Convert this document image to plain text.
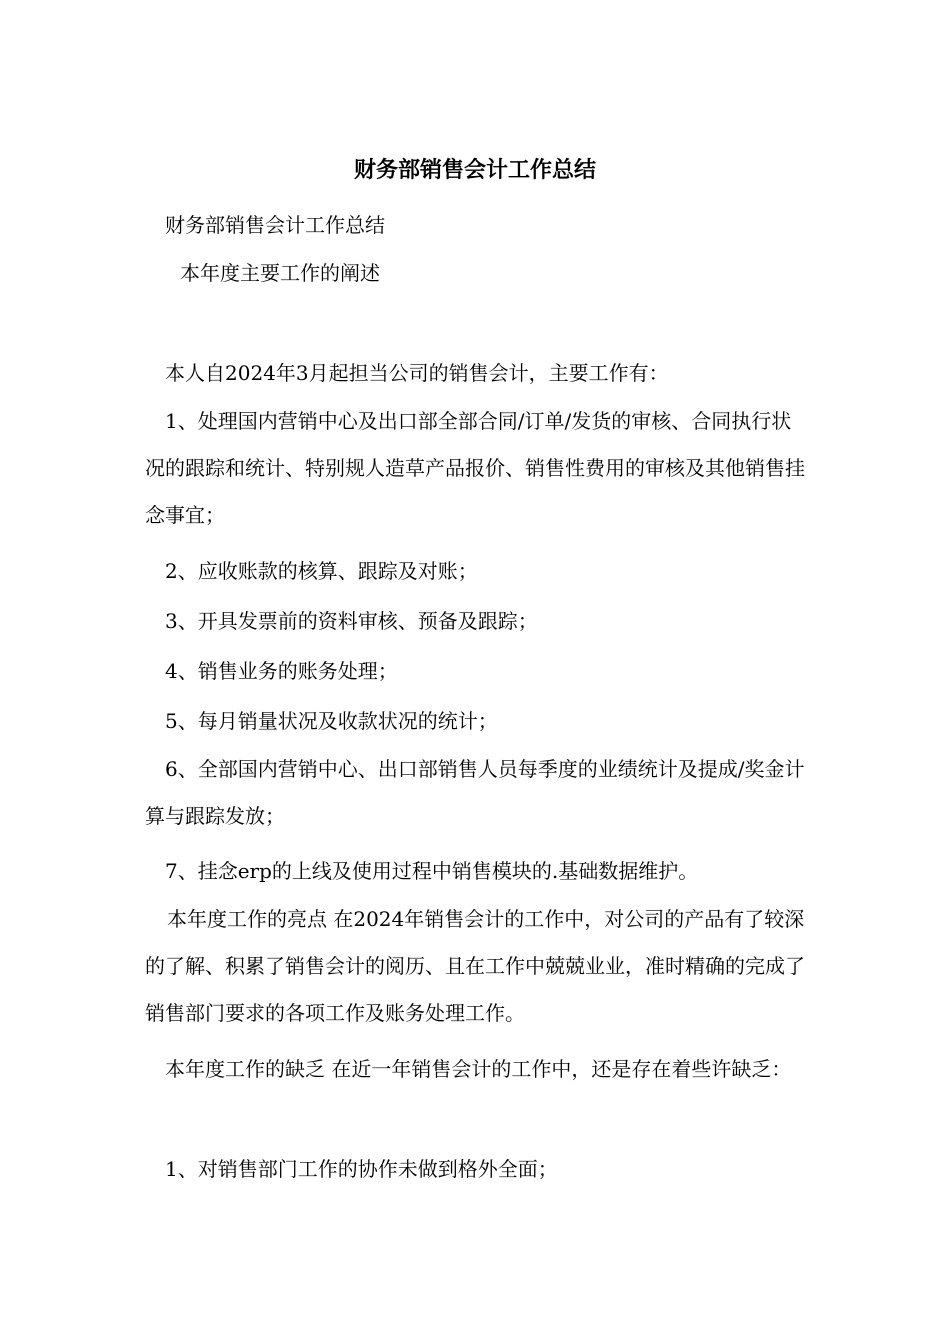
财务部销售会计工作总结
财务部销售会计工作总结
本年度主要工作的阐述
本人自2024年3月起担当公司的销售会计，主要工作有：
1、处理国内营销中心及出口部全部合同/订单/发货的审核、合同执行状况的跟踪和统计、特别规人造草产品报价、销售性费用的审核及其他销售挂念事宜；
2、应收账款的核算、跟踪及对账；
3、开具发票前的资料审核、预备及跟踪；
4、销售业务的账务处理；
5、每月销量状况及收款状况的统计；
6、全部国内营销中心、出口部销售人员每季度的业绩统计及提成/奖金计算与跟踪发放；
7、挂念erp的上线及使用过程中销售模块的.基础数据维护。
本年度工作的亮点 在2024年销售会计的工作中，对公司的产品有了较深的了解、积累了销售会计的阅历、且在工作中兢兢业业，准时精确的完成了销售部门要求的各项工作及账务处理工作。
本年度工作的缺乏 在近一年销售会计的工作中，还是存在着些许缺乏：
1、对销售部门工作的协作未做到格外全面；
